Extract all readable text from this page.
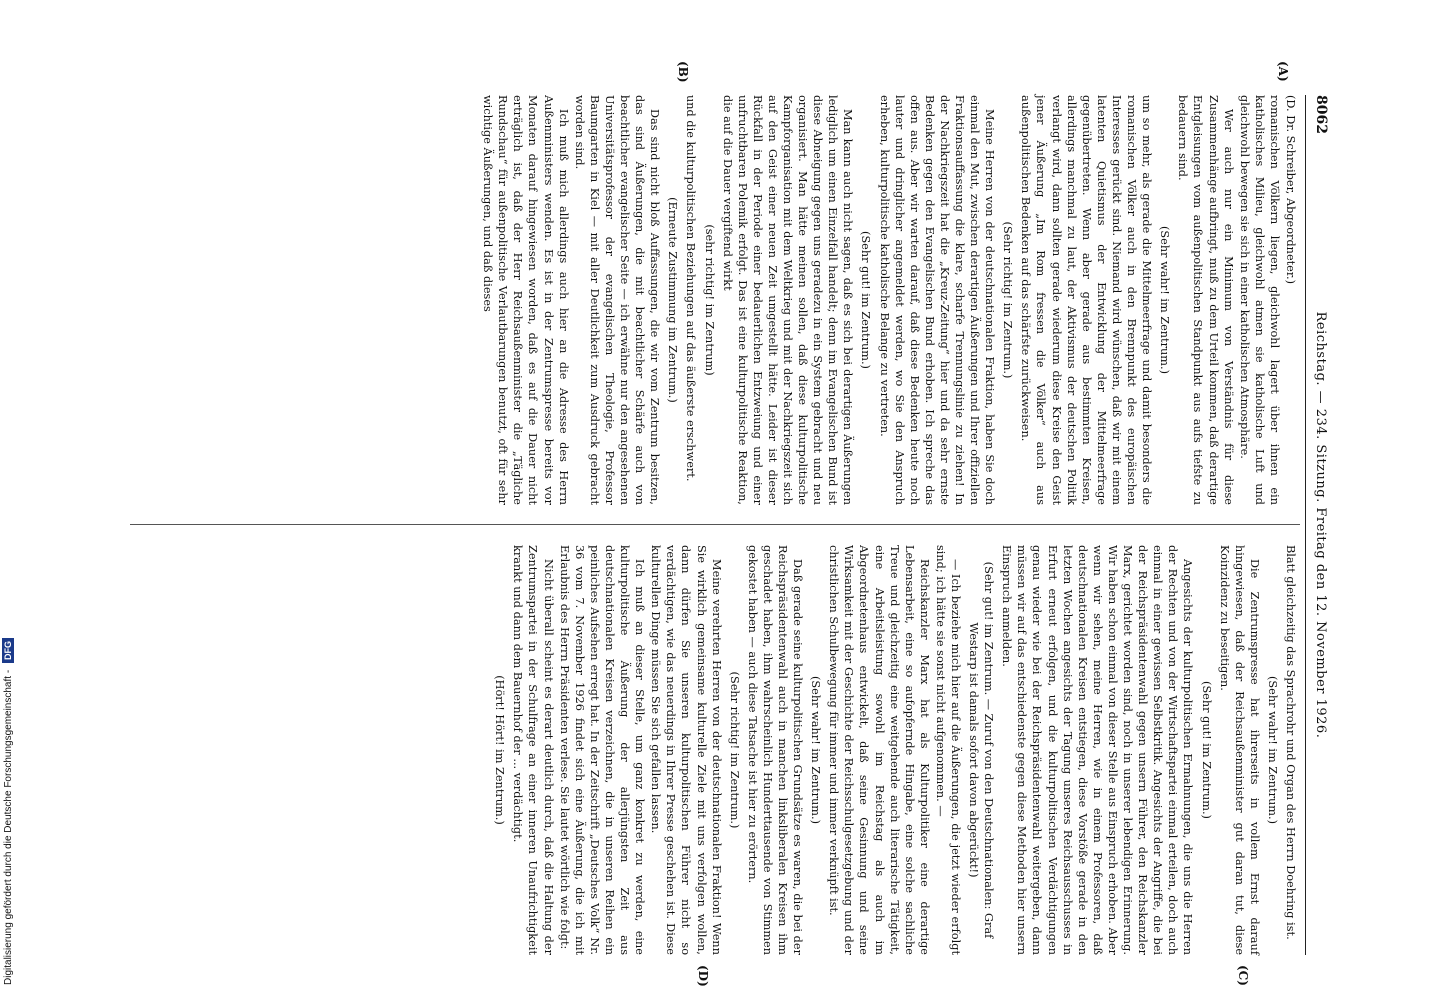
8062
Reichstag. — 234. Sitzung. Freitag den 12. November 1926.
(A)
(B)
(C)
(D)

(D. Dr. Schreiber, Abgeordneter.)

romanischen Völkern liegen, gleichwohl lagert über ihnen ein katholisches Milieu, gleichwohl atmen sie katholische Luft und gleichwohl bewegen sie sich in einer katholischen Atmosphäre.

Wer auch nur ein Minimum von Verständnis für diese Zusammenhänge aufbringt, muß zu dem Urteil kommen, daß derartige Entgleisungen vom außenpolitischen Standpunkt aus aufs tiefste zu bedauern sind.

(Sehr wahr! im Zentrum.)

um so mehr, als gerade die Mittelmeerfrage und damit besonders die romanischen Völker auch in den Brennpunkt des europäischen Interesses gerückt sind. Niemand wird wünschen, daß wir mit einem latenten Quietismus der Entwicklung der Mittelmeerfrage gegenübertreten. Wenn aber gerade aus bestimmten Kreisen, allerdings manchmal zu laut, der Aktivismus der deutschen Politik verlangt wird, dann sollten gerade wiederum diese Kreise den Geist jener Äußerung „Im Rom fressen die Völker“ auch aus außenpolitischen Bedenken auf das schärfste zurückweisen.

(Sehr richtig! im Zentrum.)

Meine Herren von der deutschnationalen Fraktion, haben Sie doch einmal den Mut, zwischen derartigen Äußerungen und Ihrer offiziellen Fraktionsauffassung die klare, scharfe Trennungslinie zu ziehen! In der Nachkriegszeit hat die „Kreuz-Zeitung“ hier und da sehr ernste Bedenken gegen den Evangelischen Bund erhoben. Ich spreche das offen aus. Aber wir warten darauf, daß diese Bedenken heute noch lauter und dringlicher angemeldet werden, wo Sie den Anspruch erheben, kulturpolitische katholische Belange zu vertreten.

(Sehr gut! im Zentrum.)

Man kann auch nicht sagen, daß es sich bei derartigen Äußerungen lediglich um einen Einzelfall handelt; denn im Evangelischen Bund ist diese Abneigung gegen uns geradezu in ein System gebracht und neu organisiert. Man hätte meinen sollen, daß diese kulturpolitische Kampforganisation mit dem Weltkrieg und mit der Nachkriegszeit sich auf den Geist einer neuen Zeit umgestellt hätte. Leider ist dieser Rückfall in der Periode einer bedauerlichen Entzweiung und einer unfruchtbaren Polemik erfolgt. Das ist eine kulturpolitische Reaktion, die auf die Dauer vergiftend wirkt

(sehr richtig! im Zentrum)

und die kulturpolitischen Beziehungen auf das äußerste erschwert.

(Erneute Zustimmung im Zentrum.)

Das sind nicht bloß Auffassungen, die wir vom Zentrum besitzen, das sind Äußerungen, die mit beachtlicher Schärfe auch von beachtlicher evangelischer Seite — ich erwähne nur den angesehenen Universitätsprofessor der evangelischen Theologie, Professor Baumgarten in Kiel — mit aller Deutlichkeit zum Ausdruck gebracht worden sind.

Ich muß mich allerdings auch hier an die Adresse des Herrn Außenministers wenden. Es ist in der Zentrumspresse bereits vor Monaten darauf hingewiesen worden, daß es auf die Dauer nicht erträglich ist, daß der Herr Reichsaußenminister die „Tägliche Rundschau“ für außenpolitische Verlautbarungen benutzt, oft für sehr wichtige Äußerungen, und daß dieses

Blatt gleichzeitig das Sprachrohr und Organ des Herrn Doehring ist.

(Sehr wahr! im Zentrum.)

Die Zentrumspresse hat ihrerseits in vollem Ernst darauf hingewiesen, daß der Reichsaußenminister gut daran tut, diese Koinzidenz zu beseitigen.

(Sehr gut! im Zentrum.)

Angesichts der kulturpolitischen Ermahnungen, die uns die Herren der Rechten und von der Wirtschaftspartei einmal erteilen, doch auch einmal in einer gewissen Selbstkritik. Angesichts der Angriffe, die bei der Reichspräsidentenwahl gegen unsern Führer, den Reichskanzler Marx, gerichtet worden sind, noch in unserer lebendigen Erinnerung. Wir haben schon einmal von dieser Stelle aus Einspruch erhoben. Aber wenn wir sehen, meine Herren, wie in einem Professoren, daß deutschnationalen Kreisen entstiegen, diese Vorstöße gerade in den letzten Wochen angesichts der Tagung unseres Reichsausschusses in Erfurt erneut erfolgen, und die kulturpolitischen Verdächtigungen genau wieder wie bei der Reichspräsidentenwahl weitergeben, dann müssen wir auf das entschiedenste gegen diese Methoden hier unsern Einspruch anmelden.

(Sehr gut! im Zentrum. — Zuruf von den Deutschnationalen: Graf Westarp ist damals sofort davon abgerückt!)

— Ich beziehe mich hier auf die Äußerungen, die jetzt wieder erfolgt sind; ich hätte sie sonst nicht aufgenommen. —

Reichskanzler Marx hat als Kulturpolitiker eine derartige Lebensarbeit, eine so aufopfernde Hingabe, eine solche sachliche Treue und gleichzeitig eine weitgehende auch literarische Tätigkeit, eine Arbeitsleistung sowohl im Reichstag als auch im Abgeordnetenhaus entwickelt, daß seine Gesinnung und seine Wirksamkeit mit der Geschichte der Reichsschulgesetzgebung und der christlichen Schulbewegung für immer und immer verknüpft ist.

(Sehr wahr! im Zentrum.)

Daß gerade seine kulturpolitischen Grundsätze es waren, die bei der Reichspräsidentenwahl auch in manchen linksliberalen Kreisen ihm geschadet haben, ihm wahrscheinlich Hunderttausende von Stimmen gekostet haben — auch diese Tatsache ist hier zu erörtern.

(Sehr richtig! im Zentrum.)

Meine verehrten Herren von der deutschnationalen Fraktion! Wenn Sie wirklich gemeinsame kulturelle Ziele mit uns verfolgen wollen, dann dürfen Sie unseren kulturpolitischen Führer nicht so verdächtigen, wie das neuerdings in Ihrer Presse geschehen ist. Diese kulturellen Dinge müssen Sie sich gefallen lassen.

Ich muß an dieser Stelle, um ganz konkret zu werden, eine kulturpolitische Äußerung der allerjüngsten Zeit aus deutschnationalen Kreisen verzeichnen, die in unseren Reihen ein peinliches Aufsehen erregt hat. In der Zeitschrift „Deutsches Volk“ Nr. 36 vom 7. November 1926 findet sich eine Äußerung, die ich mit Erlaubnis des Herrn Präsidenten verlese. Sie lautet wörtlich wie folgt:

Nicht überall scheint es derart deutlich durch, daß die Haltung der Zentrumspartei in der Schulfrage an einer inneren Unaufrichtigkeit krankt und dann dem Bauernhof der ... verdächtigt.

(Hört! Hört! im Zentrum.)

Digitalisierung gefördert durch die Deutsche Forschungsgemeinschaft - DFG
